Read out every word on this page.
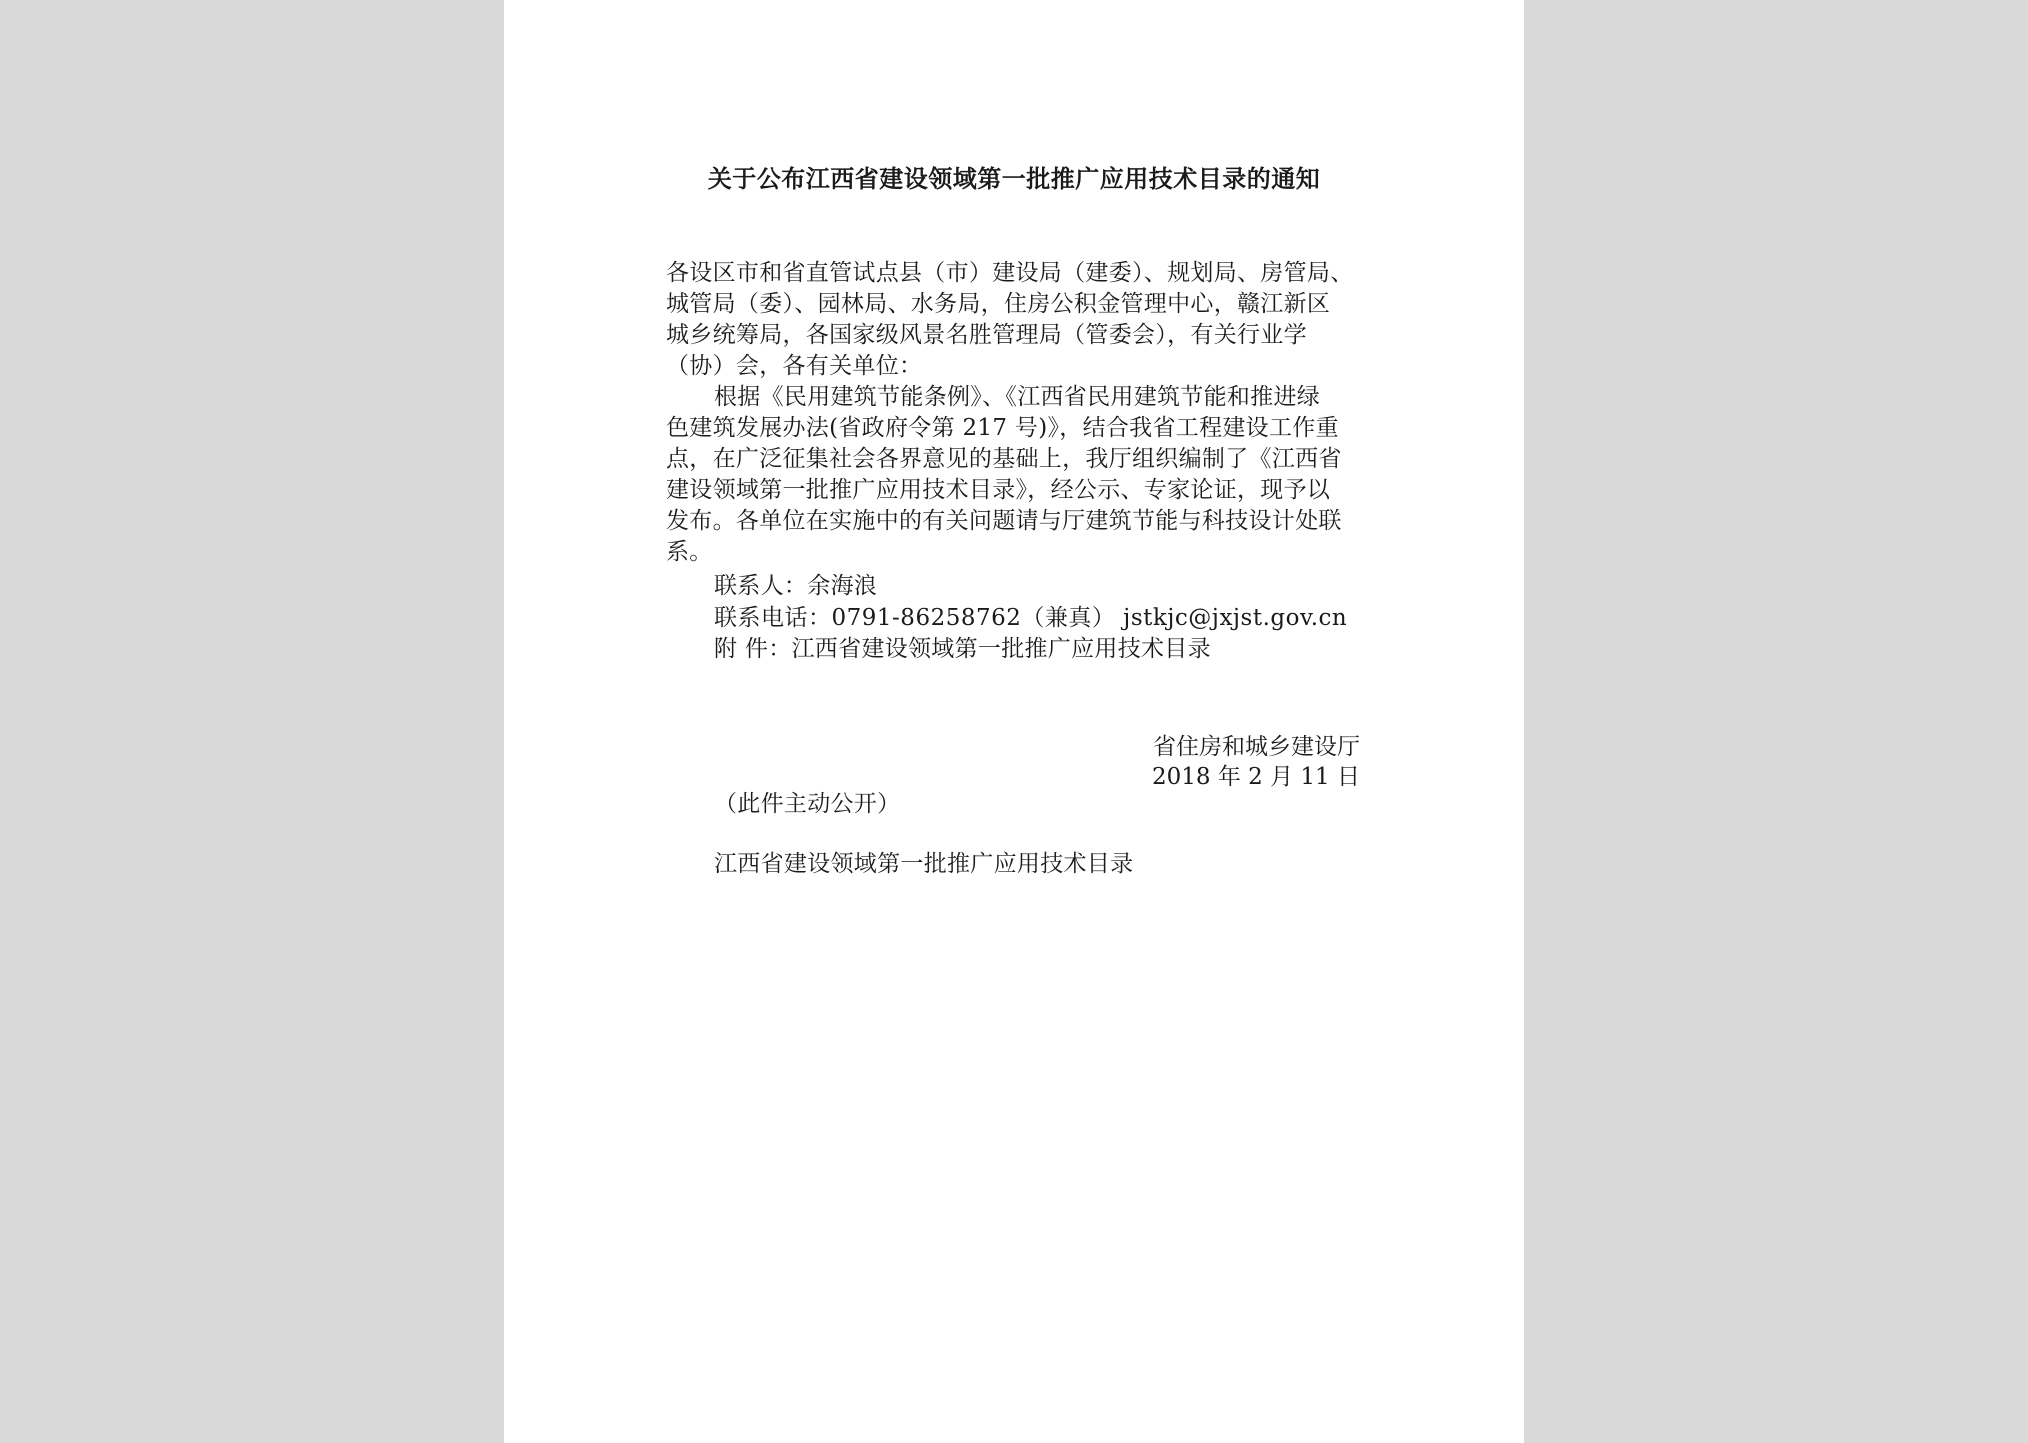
关于公布江西省建设领域第一批推广应用技术目录的通知
各设区市和省直管试点县（市）建设局（建委）、规划局、房管局、
城管局（委）、园林局、水务局，住房公积金管理中心，赣江新区
城乡统筹局，各国家级风景名胜管理局（管委会），有关行业学
（协）会，各有关单位：
根据《民用建筑节能条例》、《江西省民用建筑节能和推进绿
色建筑发展办法(省政府令第 217 号)》，结合我省工程建设工作重
点，在广泛征集社会各界意见的基础上，我厅组织编制了《江西省
建设领域第一批推广应用技术目录》，经公示、专家论证，现予以
发布。各单位在实施中的有关问题请与厅建筑节能与科技设计处联
系。
联系人：余海浪
联系电话：0791-86258762（兼真） jstkjc@jxjst.gov.cn
附 件：江西省建设领域第一批推广应用技术目录
省住房和城乡建设厅
2018 年 2 月 11 日
（此件主动公开）
江西省建设领域第一批推广应用技术目录
